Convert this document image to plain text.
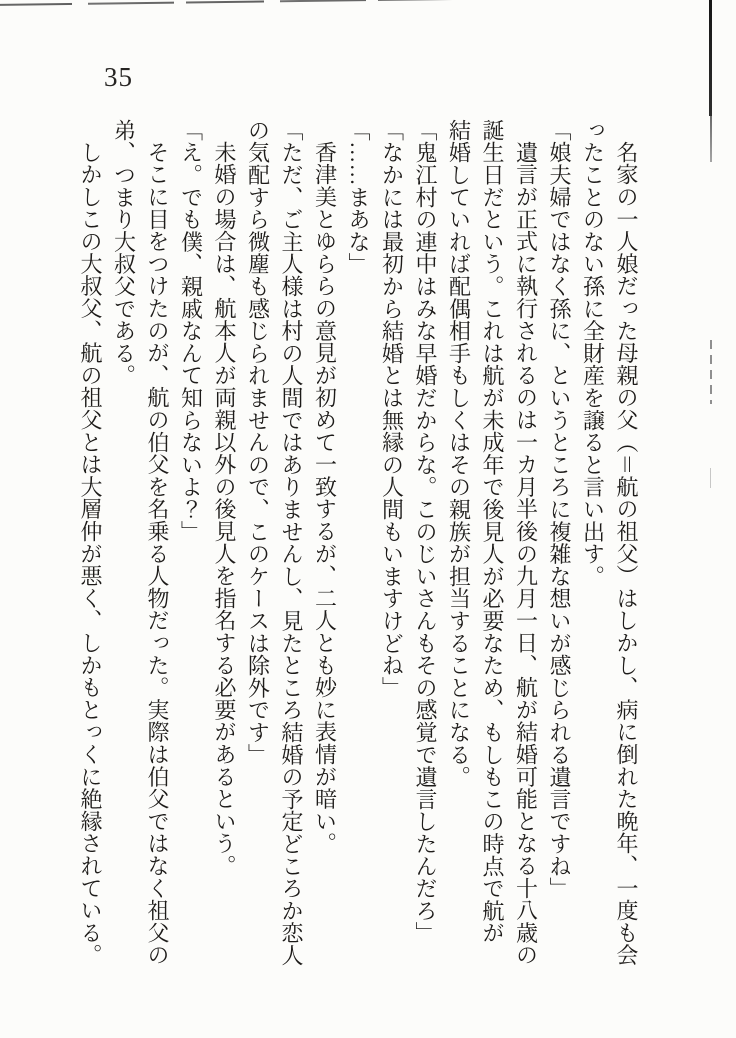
35
名家の一人娘だった母親の父（＝航の祖父）はしかし、病に倒れた晩年、一度も会
ったことのない孫に全財産を譲ると言い出す。
「娘夫婦ではなく孫に、というところに複雑な想いが感じられる遺言ですね」
遺言が正式に執行されるのは一カ月半後の九月一日、航が結婚可能となる十八歳の
誕生日だという。これは航が未成年で後見人が必要なため、もしもこの時点で航が
結婚していれば配偶相手もしくはその親族が担当することになる。
「鬼江村の連中はみな早婚だからな。このじいさんもその感覚で遺言したんだろ」
「なかには最初から結婚とは無縁の人間もいますけどね」
「……まあな」
香津美とゆららの意見が初めて一致するが、二人とも妙に表情が暗い。
「ただ、ご主人様は村の人間ではありませんし、見たところ結婚の予定どころか恋人
の気配すら微塵も感じられませんので、このケースは除外です」
未婚の場合は、航本人が両親以外の後見人を指名する必要があるという。
「え。でも僕、親戚なんて知らないよ？」
そこに目をつけたのが、航の伯父を名乗る人物だった。実際は伯父ではなく祖父の
弟、つまり大叔父である。
しかしこの大叔父、航の祖父とは大層仲が悪く、しかもとっくに絶縁されている。
